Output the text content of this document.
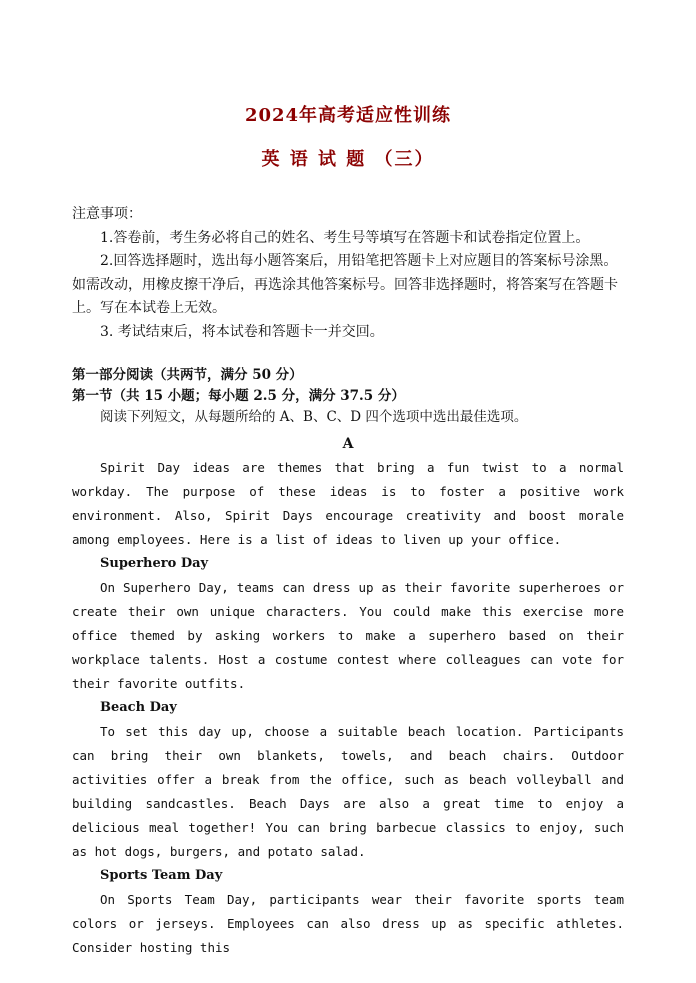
2024年高考适应性训练
英 语 试 题 （三）
注意事项：
1.答卷前，考生务必将自己的姓名、考生号等填写在答题卡和试卷指定位置上。
2.回答选择题时，选出每小题答案后，用铅笔把答题卡上对应题目的答案标号涂黑。如需改动，用橡皮擦干净后，再选涂其他答案标号。回答非选择题时，将答案写在答题卡上。写在本试卷上无效。
3. 考试结束后，将本试卷和答题卡一并交回。
第一部分阅读（共两节，满分 50 分）
第一节（共 15 小题；每小题 2.5 分，满分 37.5 分）
阅读下列短文，从每题所给的 A、B、C、D 四个选项中选出最佳选项。
A

Spirit Day ideas are themes that bring a fun twist to a normal workday. The purpose of these ideas is to foster a positive work environment. Also, Spirit Days encourage creativity and boost morale among employees. Here is a list of ideas to liven up your office.

Superhero Day

On Superhero Day, teams can dress up as their favorite superheroes or create their own unique characters. You could make this exercise more office themed by asking workers to make a superhero based on their workplace talents. Host a costume contest where colleagues can vote for their favorite outfits.

Beach Day

To set this day up, choose a suitable beach location. Participants can bring their own blankets, towels, and beach chairs. Outdoor activities offer a break from the office, such as beach volleyball and building sandcastles. Beach Days are also a great time to enjoy a delicious meal together! You can bring barbecue classics to enjoy, such as hot dogs, burgers, and potato salad.

Sports Team Day

On Sports Team Day, participants wear their favorite sports team colors or jerseys. Employees can also dress up as specific athletes. Consider hosting this
